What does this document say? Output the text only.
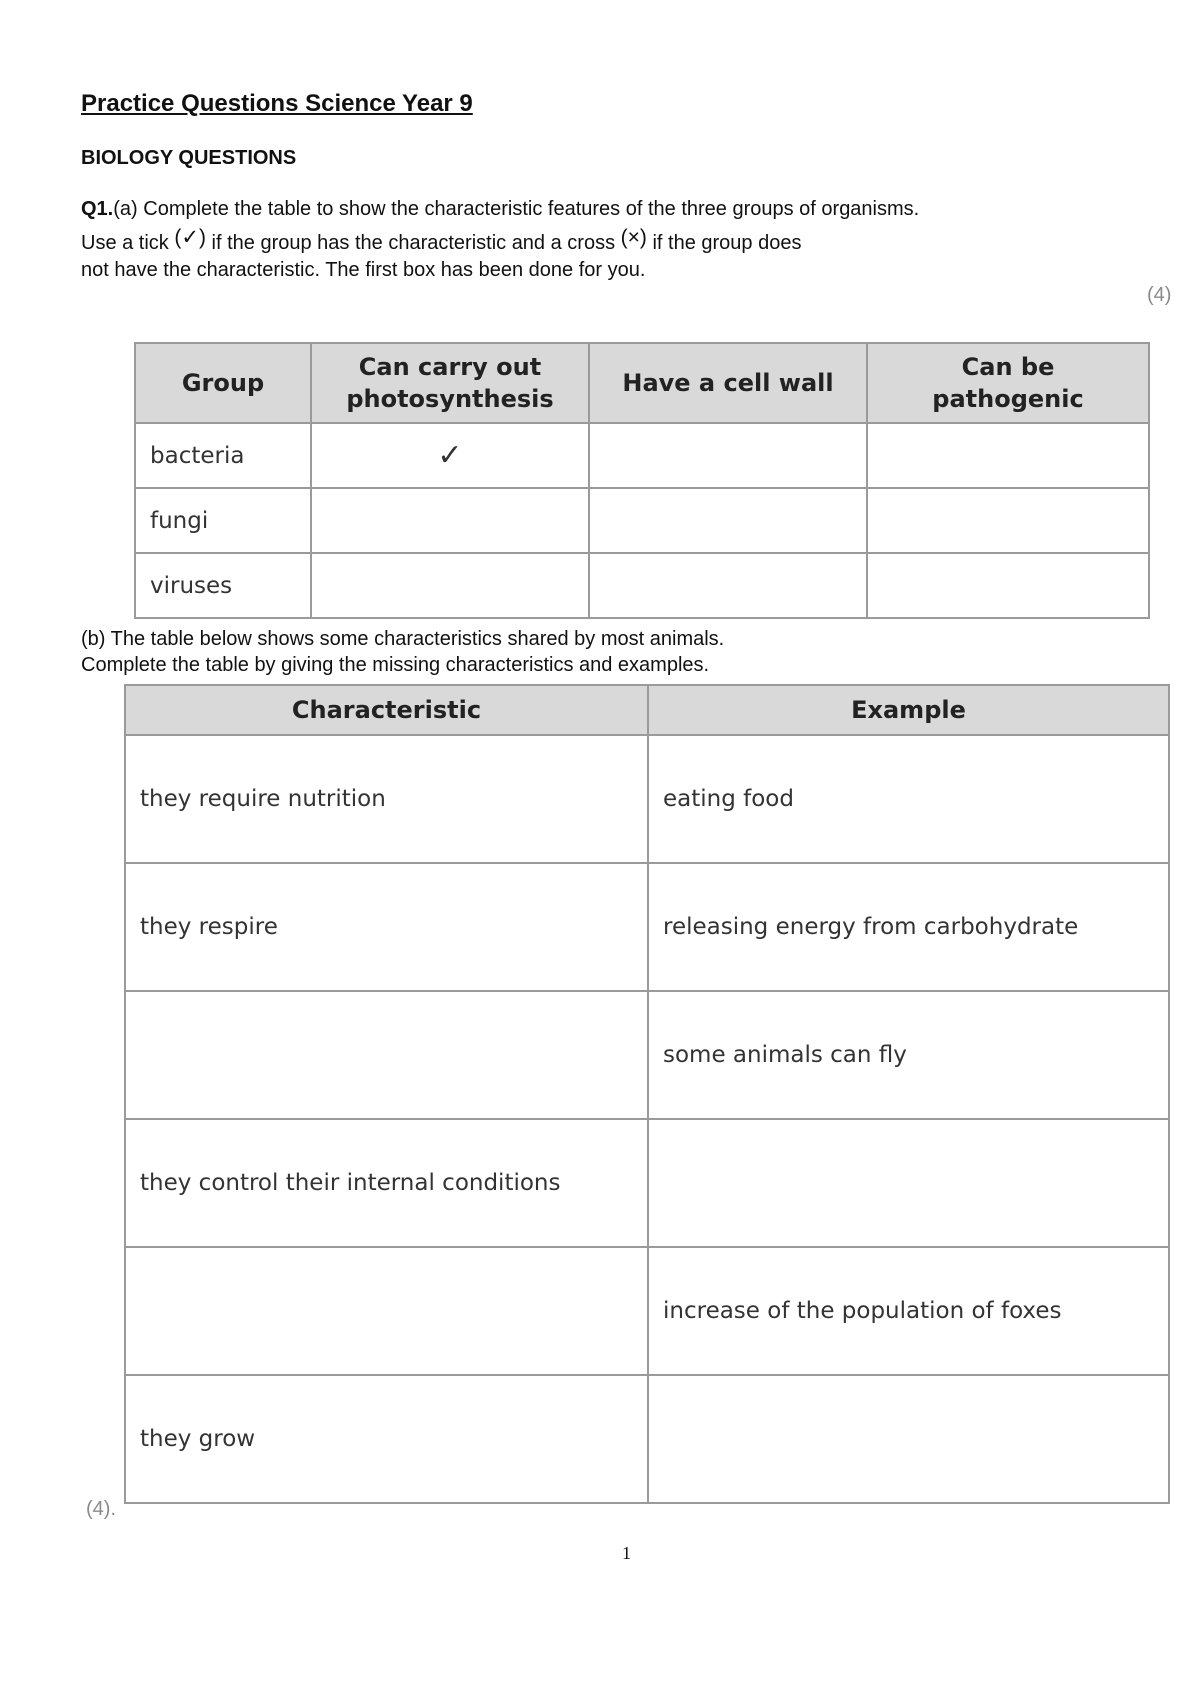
Practice Questions Science Year 9
BIOLOGY QUESTIONS
Q1.(a) Complete the table to show the characteristic features of the three groups of organisms.
Use a tick (✓) if the group has the characteristic and a cross (×) if the group does
not have the characteristic. The first box has been done for you.
(4)
Group	Can carry out photosynthesis	Have a cell wall	Can be pathogenic
bacteria	✓		
fungi			
viruses			
(b) The table below shows some characteristics shared by most animals.
Complete the table by giving the missing characteristics and examples.
Characteristic	Example
they require nutrition	eating food
they respire	releasing energy from carbohydrate
	some animals can fly
they control their internal conditions	
	increase of the population of foxes
they grow	
(4).
1
